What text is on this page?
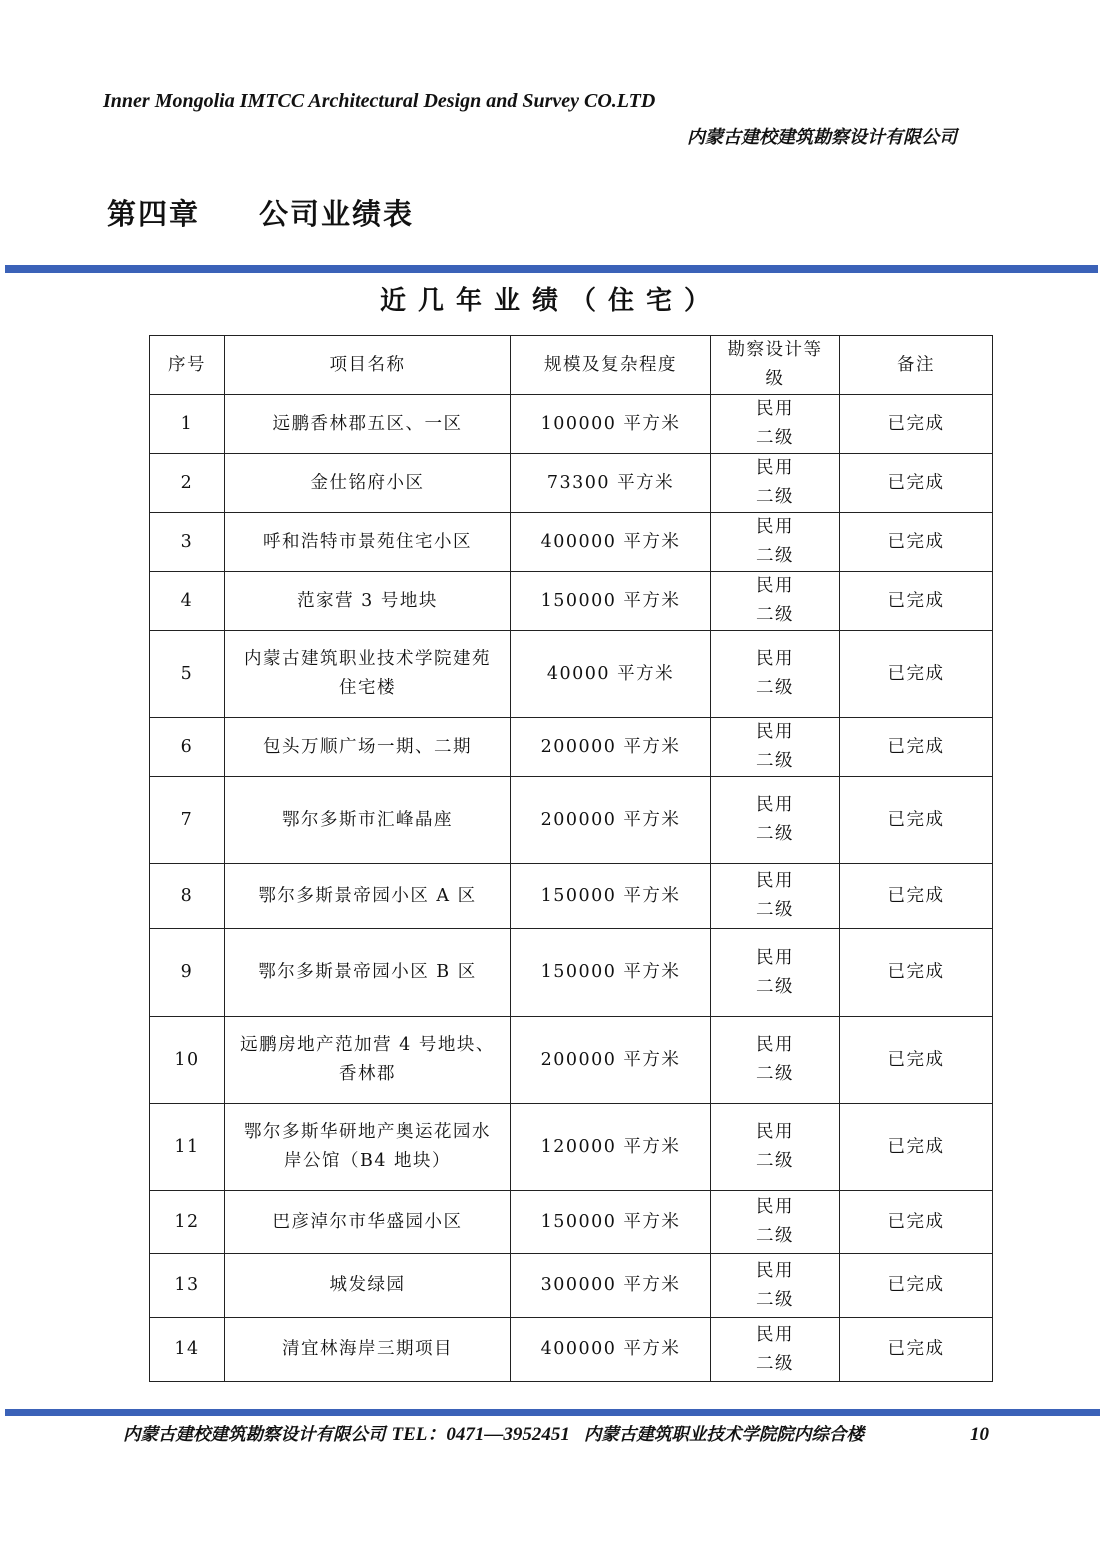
Inner Mongolia IMTCC Architectural Design and Survey CO.LTD
内蒙古建校建筑勘察设计有限公司
第四章 公司业绩表
近几年业绩（住宅）
序号	项目名称	规模及复杂程度	勘察设计等级	备注
1	远鹏香林郡五区、一区	100000 平方米	民用二级	已完成
2	金仕铭府小区	73300 平方米	民用二级	已完成
3	呼和浩特市景苑住宅小区	400000 平方米	民用二级	已完成
4	范家营 3 号地块	150000 平方米	民用二级	已完成
5	内蒙古建筑职业技术学院建苑住宅楼	40000 平方米	民用二级	已完成
6	包头万顺广场一期、二期	200000 平方米	民用二级	已完成
7	鄂尔多斯市汇峰晶座	200000 平方米	民用二级	已完成
8	鄂尔多斯景帝园小区 A 区	150000 平方米	民用二级	已完成
9	鄂尔多斯景帝园小区 B 区	150000 平方米	民用二级	已完成
10	远鹏房地产范加营 4 号地块、香林郡	200000 平方米	民用二级	已完成
11	鄂尔多斯华研地产奥运花园水岸公馆（B4 地块）	120000 平方米	民用二级	已完成
12	巴彦淖尔市华盛园小区	150000 平方米	民用二级	已完成
13	城发绿园	300000 平方米	民用二级	已完成
14	清宜林海岸三期项目	400000 平方米	民用二级	已完成
内蒙古建校建筑勘察设计有限公司 TEL：0471—3952451 内蒙古建筑职业技术学院院内综合楼	10
